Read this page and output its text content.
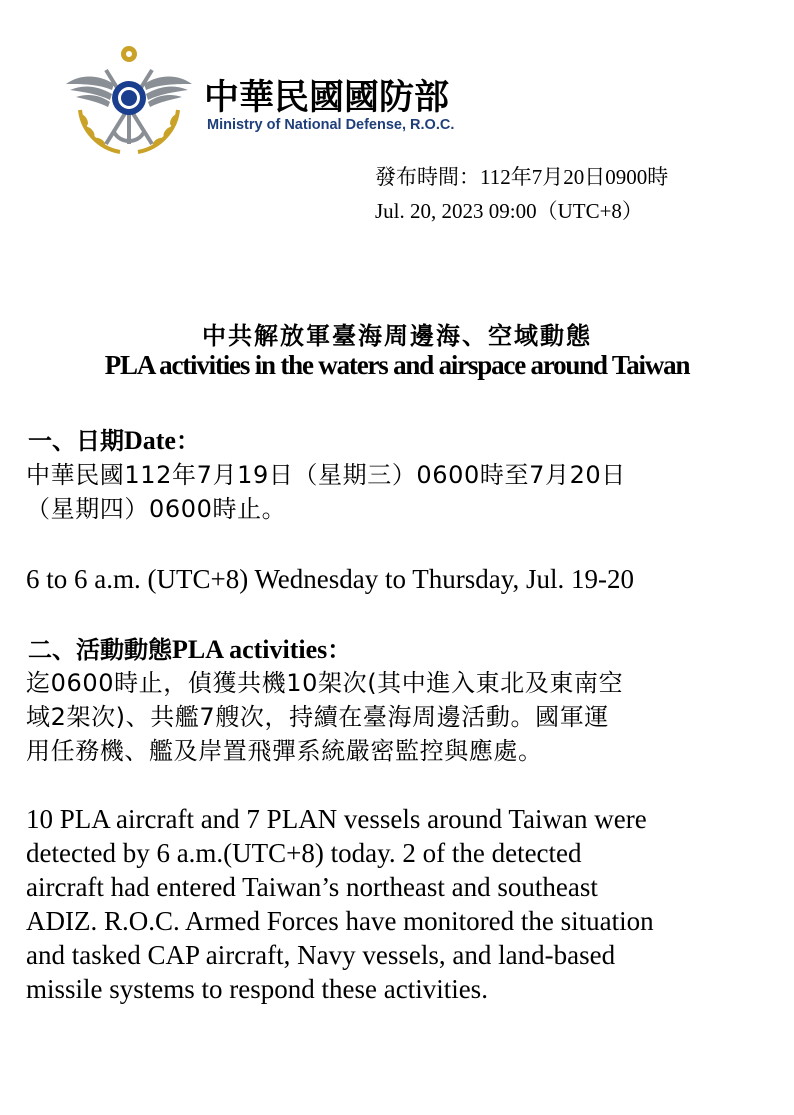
中華民國國防部
Ministry of National Defense, R.O.C.
發布時間：112年7月20日0900時
Jul. 20, 2023 09:00（UTC+8）
中共解放軍臺海周邊海、空域動態
PLA activities in the waters and airspace around Taiwan
一、日期Date：
中華民國112年7月19日（星期三）0600時至7月20日
（星期四）0600時止。
6 to 6 a.m. (UTC+8) Wednesday to Thursday, Jul. 19-20
二、活動動態PLA activities：
迄0600時止，偵獲共機10架次(其中進入東北及東南空
域2架次)、共艦7艘次，持續在臺海周邊活動。國軍運
用任務機、艦及岸置飛彈系統嚴密監控與應處。
10 PLA aircraft and 7 PLAN vessels around Taiwan were
detected by 6 a.m.(UTC+8) today. 2 of the detected
aircraft had entered Taiwan’s northeast and southeast
ADIZ. R.O.C. Armed Forces have monitored the situation
and tasked CAP aircraft, Navy vessels, and land-based
missile systems to respond these activities.
